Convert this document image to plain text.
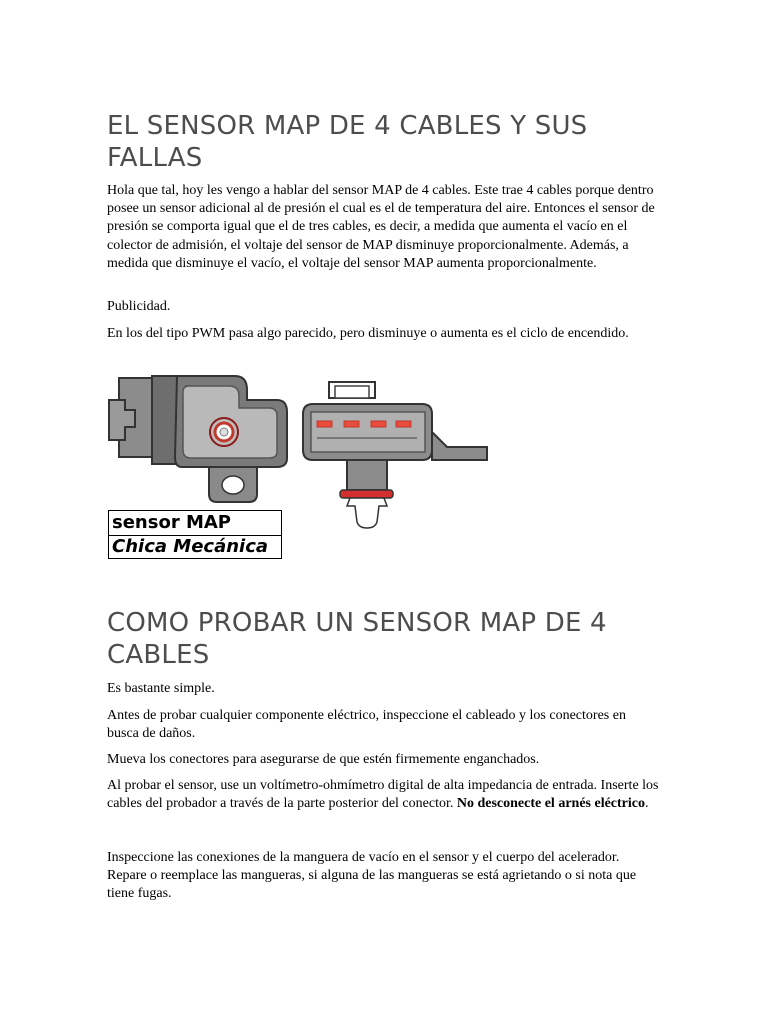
EL SENSOR MAP DE 4 CABLES Y SUS FALLAS

Hola que tal, hoy les vengo a hablar del sensor MAP de 4 cables. Este trae 4 cables porque dentro posee un sensor adicional al de presión el cual es el de temperatura del aire. Entonces el sensor de presión se comporta igual que el de tres cables, es decir, a medida que aumenta el vacío en el colector de admisión, el voltaje del sensor de MAP disminuye proporcionalmente. Además, a medida que disminuye el vacío, el voltaje del sensor MAP aumenta proporcionalmente.

Publicidad.

En los del tipo PWM pasa algo parecido, pero disminuye o aumenta es el ciclo de encendido.

sensor MAP
Chica Mecánica
COMO PROBAR UN SENSOR MAP DE 4 CABLES

Es bastante simple.

Antes de probar cualquier componente eléctrico, inspeccione el cableado y los conectores en busca de daños.

Mueva los conectores para asegurarse de que estén firmemente enganchados.

Al probar el sensor, use un voltímetro-ohmímetro digital de alta impedancia de entrada. Inserte los cables del probador a través de la parte posterior del conector. No desconecte el arnés eléctrico.

Inspeccione las conexiones de la manguera de vacío en el sensor y el cuerpo del acelerador. Repare o reemplace las mangueras, si alguna de las mangueras se está agrietando o si nota que tiene fugas.
